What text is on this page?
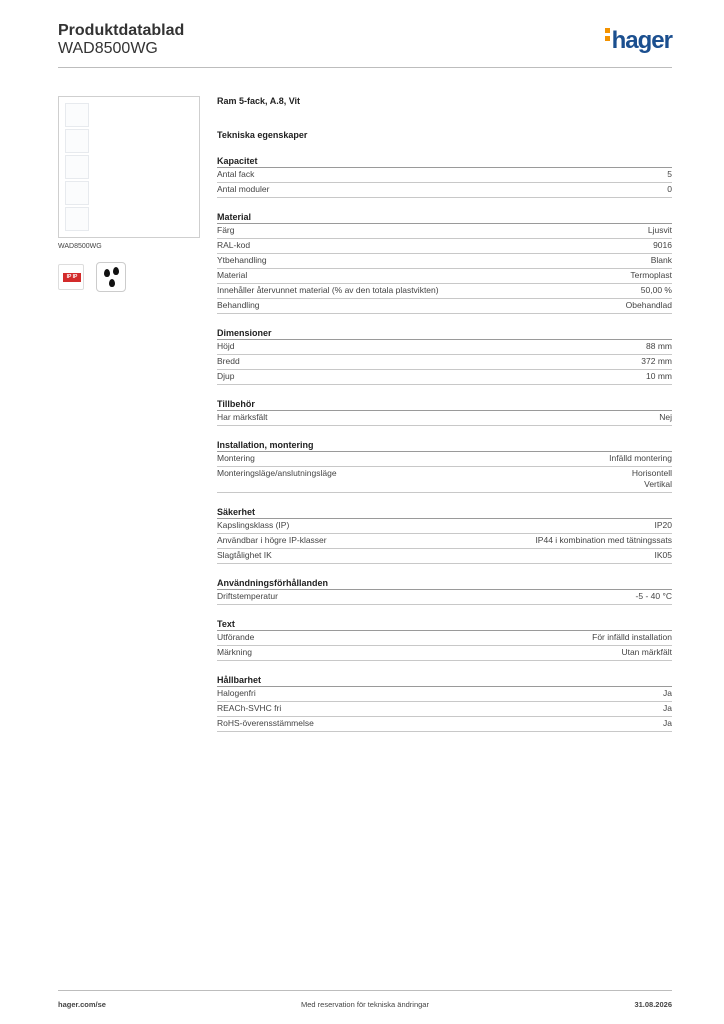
Produktdatablad
WAD8500WG	hager
WAD8500WG
IP IP
Ram 5-fack, A.8, Vit
Tekniska egenskaper
Kapacitet
Antal fack	5
Antal moduler	0
Material
Färg	Ljusvit
RAL-kod	9016
Ytbehandling	Blank
Material	Termoplast
Innehåller återvunnet material (% av den totala plastvikten)	50,00 %
Behandling	Obehandlad
Dimensioner
Höjd	88 mm
Bredd	372 mm
Djup	10 mm
Tillbehör
Har märksfält	Nej
Installation, montering
Montering	Infälld montering
Monteringsläge/anslutningsläge	Horisontell
Vertikal
Säkerhet
Kapslingsklass (IP)	IP20
Användbar i högre IP-klasser	IP44 i kombination med tätningssats
Slagtålighet IK	IK05
Användningsförhållanden
Driftstemperatur	-5 - 40 °C
Text
Utförande	För infälld installation
Märkning	Utan märkfält
Hållbarhet
Halogenfri	Ja
REACh-SVHC fri	Ja
RoHS-överensstämmelse	Ja
hager.com/se	Med reservation för tekniska ändringar	31.08.2026
